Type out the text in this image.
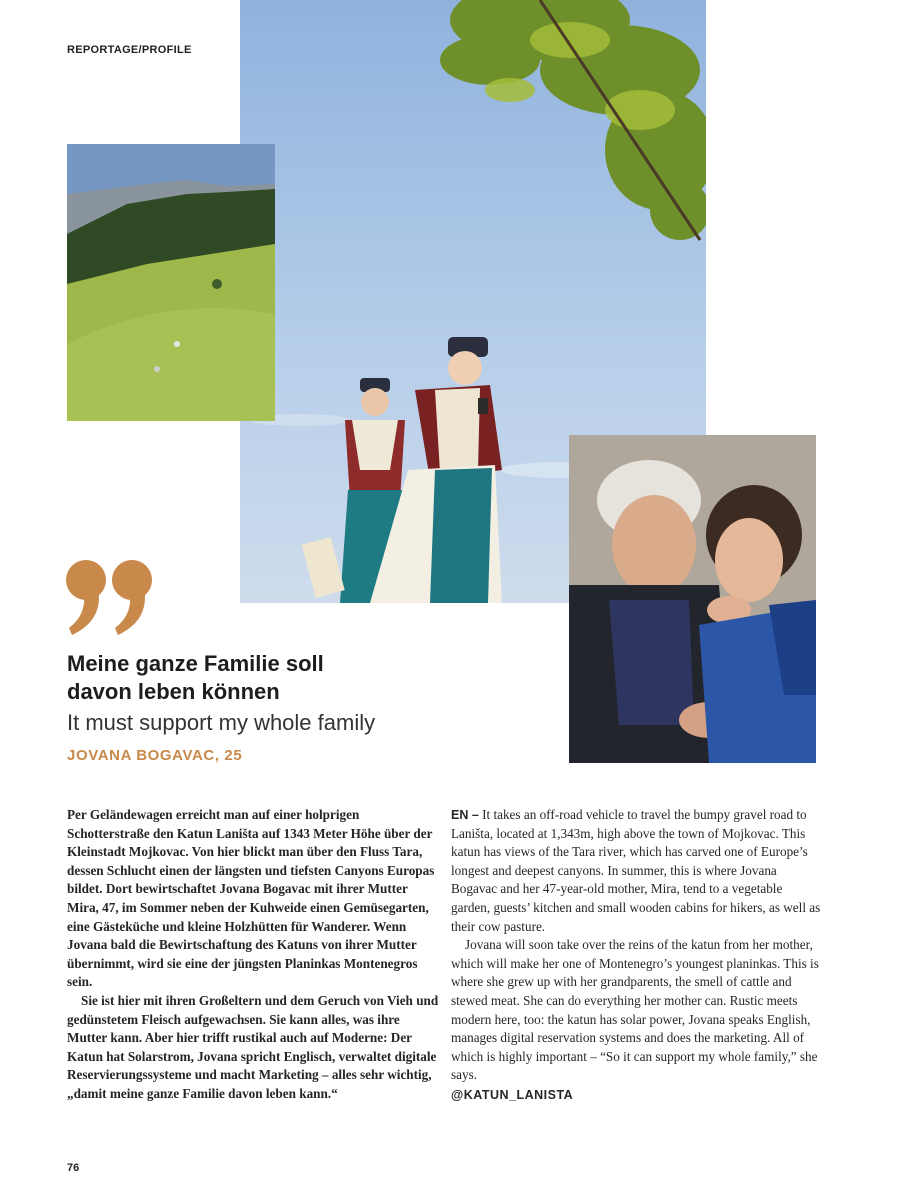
REPORTAGE/PROFILE
Meine ganze Familie soll
davon leben können
It must support my whole family
JOVANA BOGAVAC, 25

Per Geländewagen erreicht man auf einer holprigen Schotterstraße den Katun Laništa auf 1343 Meter Höhe über der Kleinstadt Mojkovac. Von hier blickt man über den Fluss Tara, dessen Schlucht einen der längsten und tiefsten Canyons Europas bildet. Dort bewirtschaftet Jovana Bogavac mit ihrer Mutter Mira, 47, im Sommer neben der Kuhweide einen Gemüsegarten, eine Gästeküche und kleine Holzhütten für Wanderer. Wenn Jovana bald die Bewirtschaftung des Katuns von ihrer Mutter übernimmt, wird sie eine der jüngsten Planinkas Montenegros sein.

Sie ist hier mit ihren Großeltern und dem Geruch von Vieh und gedünstetem Fleisch aufgewachsen. Sie kann alles, was ihre Mutter kann. Aber hier trifft rustikal auch auf Moderne: Der Katun hat Solarstrom, Jovana spricht Englisch, verwaltet digitale Reservierungssysteme und macht Marketing – alles sehr wichtig, „damit meine ganze Familie davon leben kann.“

EN – It takes an off-road vehicle to travel the bumpy gravel road to Laništa, located at 1,343m, high above the town of Mojkovac. This katun has views of the Tara river, which has carved one of Europe’s longest and deepest canyons. In summer, this is where Jovana Bogavac and her 47-year-old mother, Mira, tend to a vegetable garden, guests’ kitchen and small wooden cabins for hikers, as well as their cow pasture.

Jovana will soon take over the reins of the katun from her mother, which will make her one of Montenegro’s youngest planinkas. This is where she grew up with her grandparents, the smell of cattle and stewed meat. She can do everything her mother can. Rustic meets modern here, too: the katun has solar power, Jovana speaks English, manages digital reservation systems and does the marketing. All of which is highly important – “So it can support my whole family,” she says.

@KATUN_LANISTA
76
